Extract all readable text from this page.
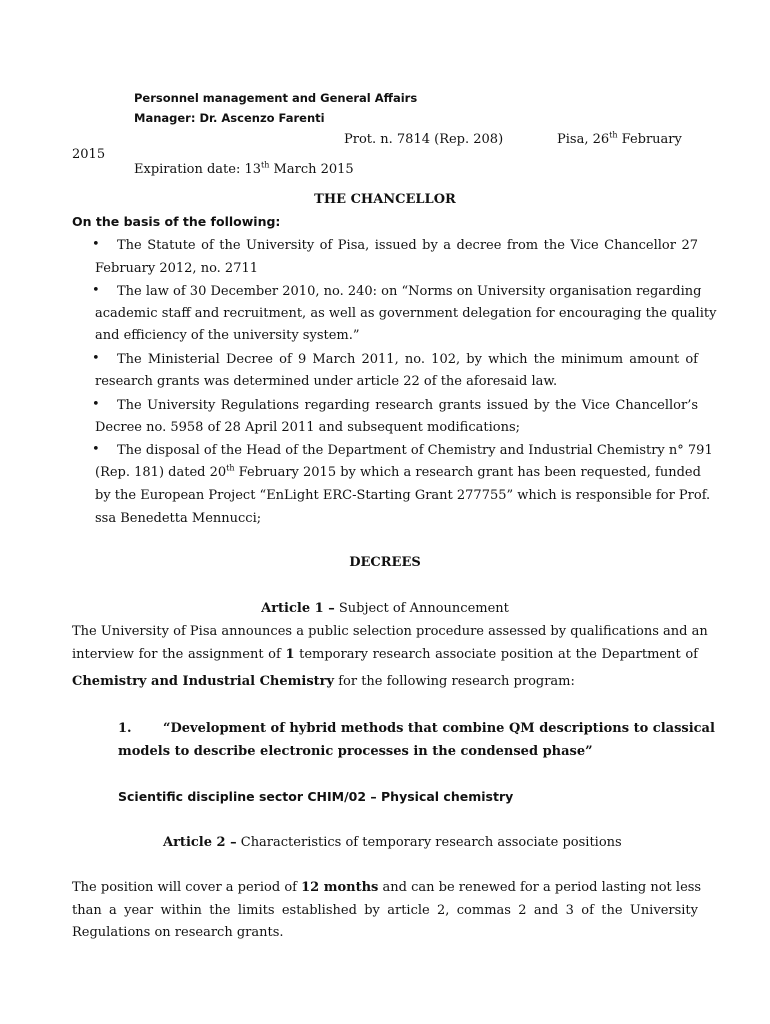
Personnel management and General Affairs
Manager: Dr. Ascenzo Farenti
Prot. n. 7814 (Rep. 208)	Pisa, 26th February
2015
Expiration date: 13th March 2015
THE CHANCELLOR
On the basis of the following:
• The Statute of the University of Pisa, issued by a decree from the Vice Chancellor 27
February 2012, no. 2711
• The law of 30 December 2010, no. 240: on “Norms on University organisation regarding
academic staff and recruitment, as well as government delegation for encouraging the quality
and efficiency of the university system.”
• The Ministerial Decree of 9 March 2011, no. 102, by which the minimum amount of
research grants was determined under article 22 of the aforesaid law.
• The University Regulations regarding research grants issued by the Vice Chancellor’s
Decree no. 5958 of 28 April 2011 and subsequent modifications;
• The disposal of the Head of the Department of Chemistry and Industrial Chemistry n° 791
(Rep. 181) dated 20th February 2015 by which a research grant has been requested, funded
by the European Project “EnLight ERC-Starting Grant 277755” which is responsible for Prof.
ssa Benedetta Mennucci;
DECREES
Article 1 – Subject of Announcement
The University of Pisa announces a public selection procedure assessed by qualifications and an
interview for the assignment of 1 temporary research associate position at the Department of
Chemistry and Industrial Chemistry for the following research program:
1. “Development of hybrid methods that combine QM descriptions to classical
models to describe electronic processes in the condensed phase”
Scientific discipline sector CHIM/02 – Physical chemistry
Article 2 – Characteristics of temporary research associate positions
The position will cover a period of 12 months and can be renewed for a period lasting not less
than a year within the limits established by article 2, commas 2 and 3 of the University
Regulations on research grants.
